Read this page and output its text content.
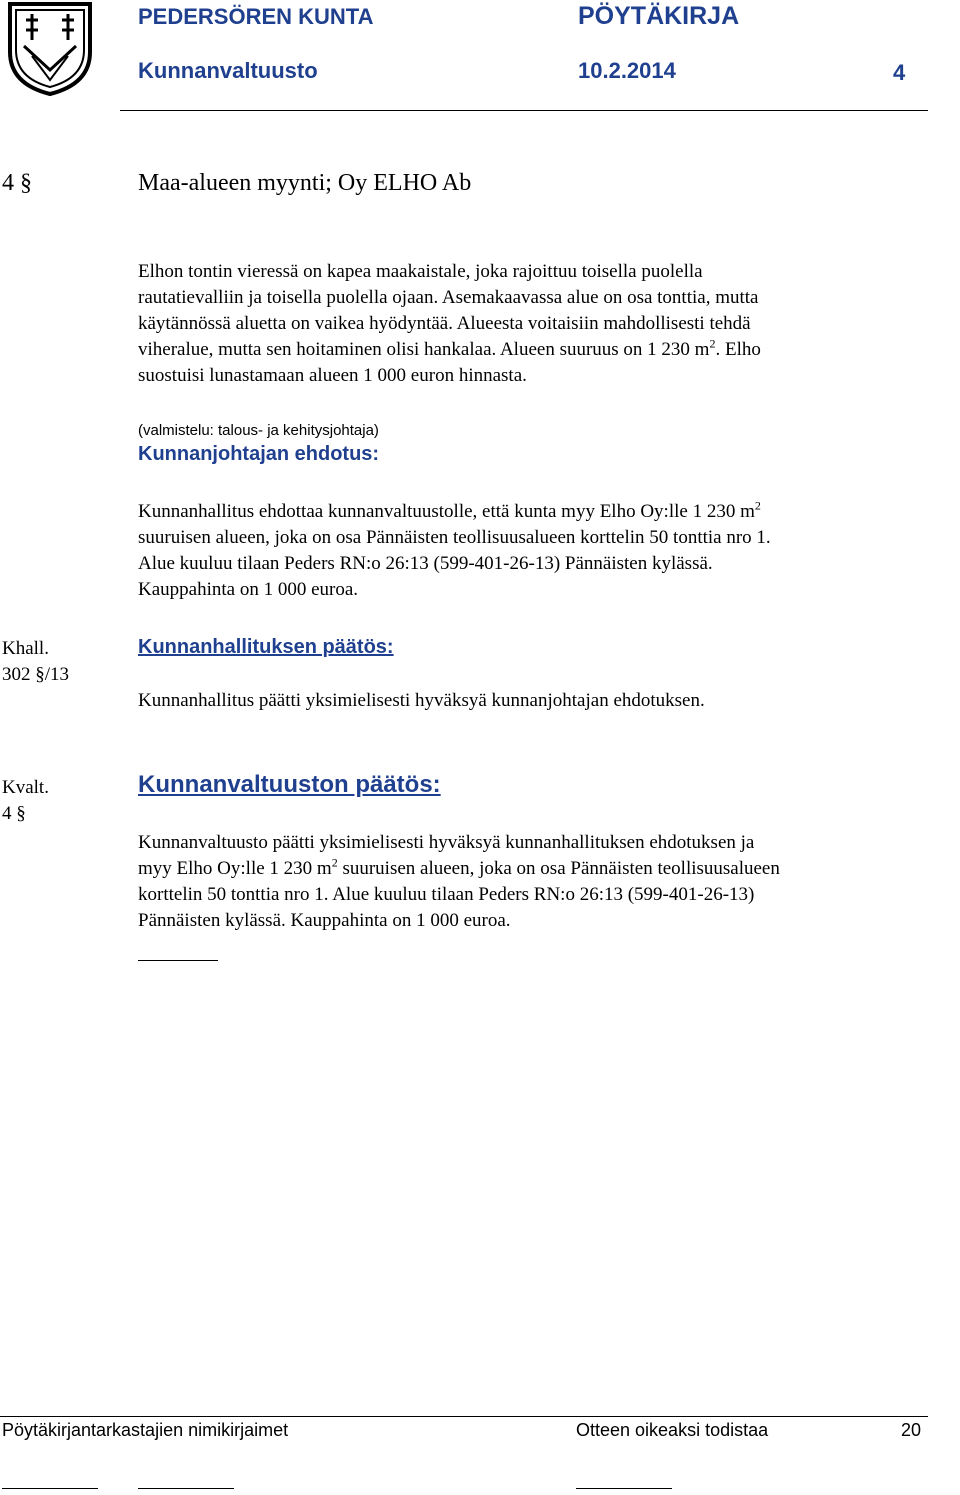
PEDERSÖREN KUNTA	PÖYTÄKIRJA
Kunnanvaltuusto	10.2.2014	4
4 §	Maa-alueen myynti; Oy ELHO Ab

Elhon tontin vieressä on kapea maakaistale, joka rajoittuu toisella puolella

rautatievalliin ja toisella puolella ojaan. Asemakaavassa alue on osa tonttia, mutta

käytännössä aluetta on vaikea hyödyntää. Alueesta voitaisiin mahdollisesti tehdä

viheralue, mutta sen hoitaminen olisi hankalaa. Alueen suuruus on 1 230 $m^2$. Elho

suostuisi lunastamaan alueen 1 000 euron hinnasta.

(valmistelu: talous- ja kehitysjohtaja)
Kunnanjohtajan ehdotus:

Kunnanhallitus ehdottaa kunnanvaltuustolle, että kunta myy Elho Oy:lle 1 230 $m^2$

suuruisen alueen, joka on osa Pännäisten teollisuusalueen korttelin 50 tonttia nro 1.

Alue kuuluu tilaan Peders RN:o 26:13 (599-401-26-13) Pännäisten kylässä.

Kauppahinta on 1 000 euroa.

Khall.
302 §/13
Kunnanhallituksen päätös:
Kunnanhallitus päätti yksimielisesti hyväksyä kunnanjohtajan ehdotuksen.
Kvalt.
4 §
Kunnanvaltuuston päätös:

Kunnanvaltuusto päätti yksimielisesti hyväksyä kunnanhallituksen ehdotuksen ja

myy Elho Oy:lle 1 230 $m^2$ suuruisen alueen, joka on osa Pännäisten teollisuusalueen

korttelin 50 tonttia nro 1. Alue kuuluu tilaan Peders RN:o 26:13 (599-401-26-13)

Pännäisten kylässä. Kauppahinta on 1 000 euroa.

Pöytäkirjantarkastajien nimikirjaimet	Otteen oikeaksi todistaa	20
